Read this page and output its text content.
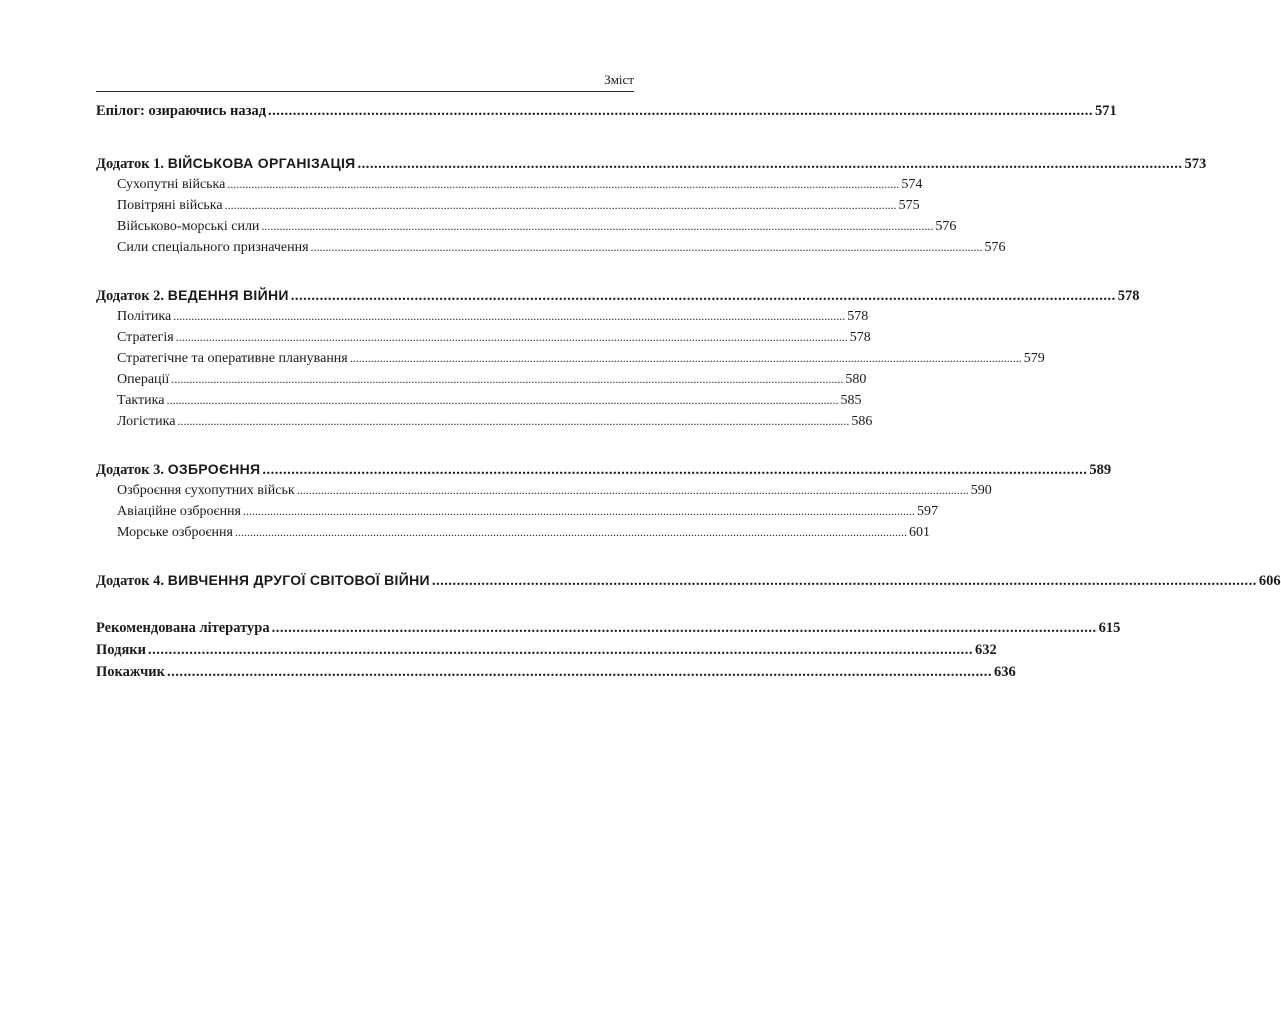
Зміст
Епілог: озираючись назад ........................................................................................................................................................................................................ 571
Додаток 1. ВІЙСЬКОВА ОРГАНІЗАЦІЯ ........................................................................................................................................................................................................ 573
Сухопутні війська ................................................................................................................................................................................................................................ 574
Повітряні війська ................................................................................................................................................................................................................................ 575
Військово-морські сили ................................................................................................................................................................................................................................ 576
Сили спеціального призначення ................................................................................................................................................................................................................................ 576
Додаток 2. ВЕДЕННЯ ВІЙНИ ........................................................................................................................................................................................................ 578
Політика ................................................................................................................................................................................................................................ 578
Стратегія ................................................................................................................................................................................................................................ 578
Стратегічне та оперативне планування ................................................................................................................................................................................................................................ 579
Операції ................................................................................................................................................................................................................................ 580
Тактика ................................................................................................................................................................................................................................ 585
Логістика ................................................................................................................................................................................................................................ 586
Додаток 3. ОЗБРОЄННЯ ........................................................................................................................................................................................................ 589
Озброєння сухопутних військ ................................................................................................................................................................................................................................ 590
Авіаційне озброєння ................................................................................................................................................................................................................................ 597
Морське озброєння ................................................................................................................................................................................................................................ 601
Додаток 4. ВИВЧЕННЯ ДРУГОЇ СВІТОВОЇ ВІЙНИ ........................................................................................................................................................................................................ 606
Рекомендована література ........................................................................................................................................................................................................ 615
Подяки ........................................................................................................................................................................................................ 632
Покажчик ........................................................................................................................................................................................................ 636
